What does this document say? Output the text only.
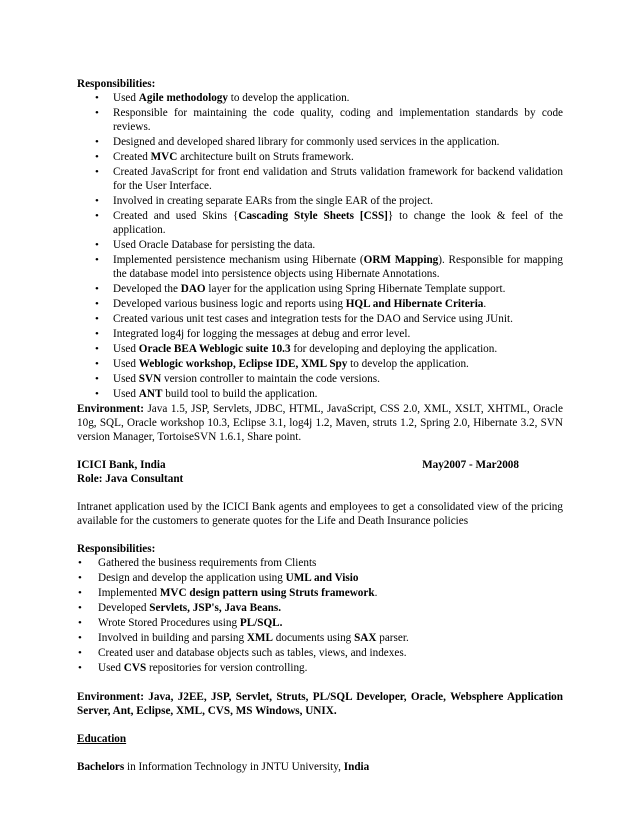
Responsibilities:

• Used Agile methodology to develop the application.
• Responsible for maintaining the code quality, coding and implementation standards by code reviews.
• Designed and developed shared library for commonly used services in the application.
• Created MVC architecture built on Struts framework.
• Created JavaScript for front end validation and Struts validation framework for backend validation for the User Interface.
• Involved in creating separate EARs from the single EAR of the project.
• Created and used Skins {Cascading Style Sheets [CSS]} to change the look & feel of the application.
• Used Oracle Database for persisting the data.
• Implemented persistence mechanism using Hibernate (ORM Mapping). Responsible for mapping the database model into persistence objects using Hibernate Annotations.
• Developed the DAO layer for the application using Spring Hibernate Template support.
• Developed various business logic and reports using HQL and Hibernate Criteria.
• Created various unit test cases and integration tests for the DAO and Service using JUnit.
• Integrated log4j for logging the messages at debug and error level.
• Used Oracle BEA Weblogic suite 10.3 for developing and deploying the application.
• Used Weblogic workshop, Eclipse IDE, XML Spy to develop the application.
• Used SVN version controller to maintain the code versions.
• Used ANT build tool to build the application.

Environment: Java 1.5, JSP, Servlets, JDBC, HTML, JavaScript, CSS 2.0, XML, XSLT, XHTML, Oracle 10g, SQL, Oracle workshop 10.3, Eclipse 3.1, log4j 1.2, Maven, struts 1.2, Spring 2.0, Hibernate 3.2, SVN version Manager, TortoiseSVN 1.6.1, Share point.

ICICI Bank, India	May2007 - Mar2008

Role: Java Consultant

Intranet application used by the ICICI Bank agents and employees to get a consolidated view of the pricing available for the customers to generate quotes for the Life and Death Insurance policies

Responsibilities:

• Gathered the business requirements from Clients
• Design and develop the application using UML and Visio
• Implemented MVC design pattern using Struts framework.
• Developed Servlets, JSP's, Java Beans.
• Wrote Stored Procedures using PL/SQL.
• Involved in building and parsing XML documents using SAX parser.
• Created user and database objects such as tables, views, and indexes.
• Used CVS repositories for version controlling.

Environment: Java, J2EE, JSP, Servlet, Struts, PL/SQL Developer, Oracle, Websphere Application Server, Ant, Eclipse, XML, CVS, MS Windows, UNIX.

Education

Bachelors in Information Technology in JNTU University, India
